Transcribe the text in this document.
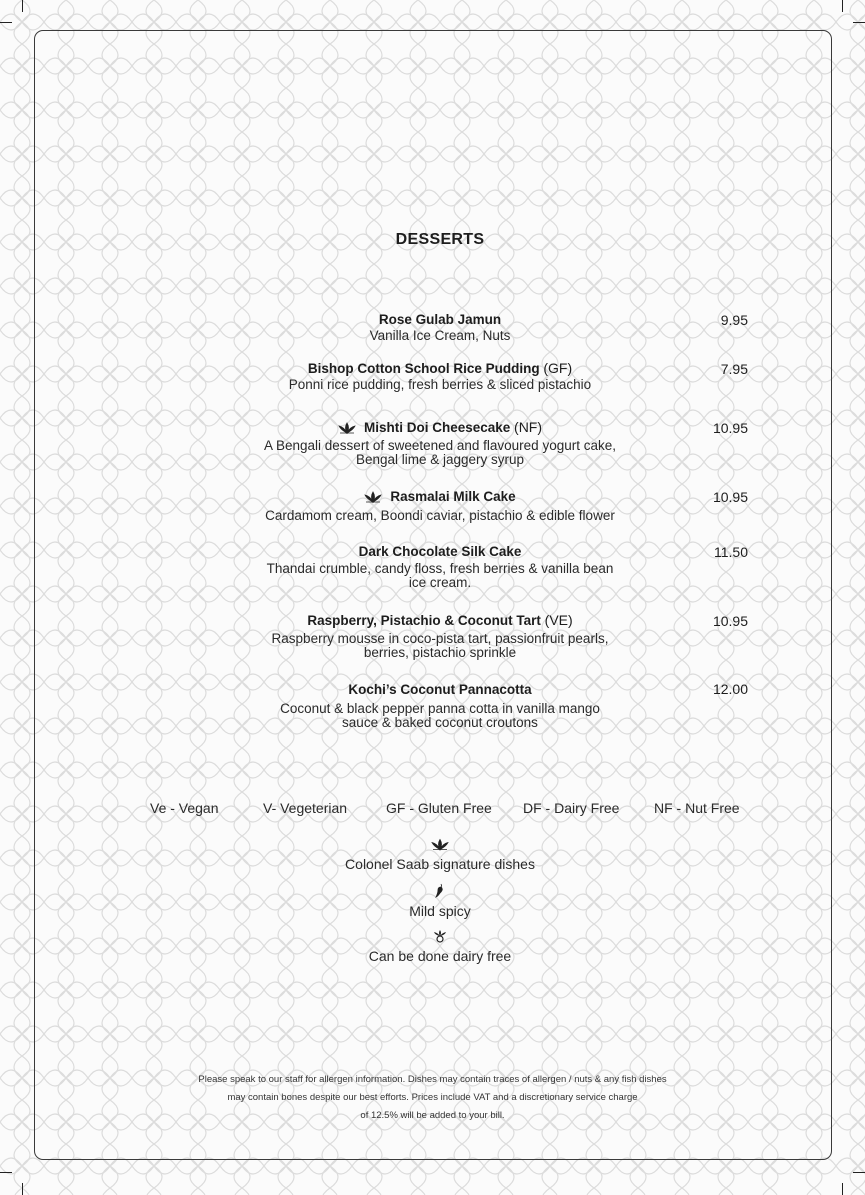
DESSERTS
Rose Gulab Jamun
Vanilla Ice Cream, Nuts
9.95
Bishop Cotton School Rice Pudding (GF)
Ponni rice pudding, fresh berries & sliced pistachio
7.95
Mishti Doi Cheesecake (NF)
A Bengali dessert of sweetened and flavoured yogurt cake,
Bengal lime & jaggery syrup
10.95
Rasmalai Milk Cake
Cardamom cream, Boondi caviar, pistachio & edible flower
10.95
Dark Chocolate Silk Cake
Thandai crumble, candy floss, fresh berries & vanilla bean
ice cream.
11.50
Raspberry, Pistachio & Coconut Tart (VE)
Raspberry mousse in coco-pista tart, passionfruit pearls,
berries, pistachio sprinkle
10.95
Kochi’s Coconut Pannacotta
Coconut & black pepper panna cotta in vanilla mango
sauce & baked coconut croutons
12.00
Ve - Vegan	V- Vegeterian	GF - Gluten Free DF - Dairy Free NF - Nut Free
Colonel Saab signature dishes
Mild spicy
Can be done dairy free
Please speak to our staff for allergen information. Dishes may contain traces of allergen / nuts & any fish dishes
may contain bones despite our best efforts. Prices include VAT and a discretionary service charge
of 12.5% will be added to your bill.
